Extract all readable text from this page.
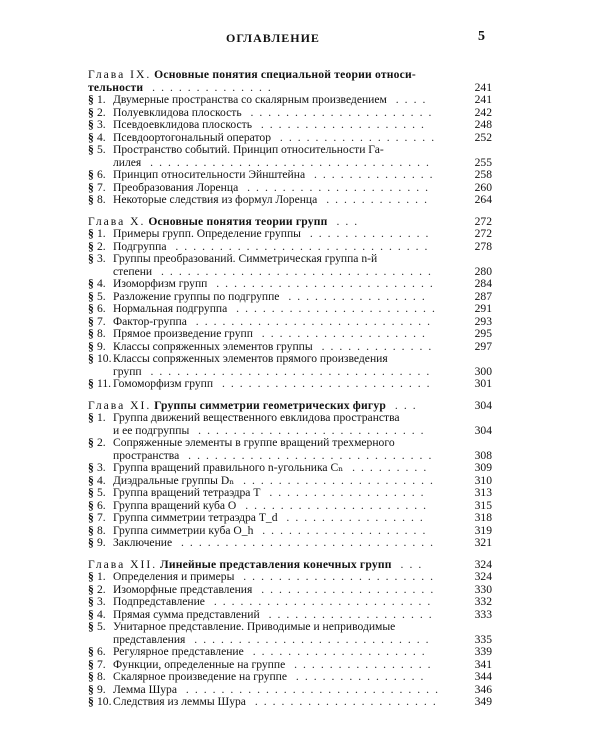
ОГЛАВЛЕНИЕ	5
Глава IX. Основные понятия специальной теории относи-
тельности ..............	241
§ 1. Двумерные пространства со скалярным произведением ....	241
§ 2. Полуевклидова плоскость .....................	242
§ 3. Псевдоевклидова плоскость ...................	248
§ 4. Псевдоортогональный оператор ..................	252
§ 5. Пространство событий. Принцип относительности Га-
лилея ................................	255
§ 6. Принцип относительности Эйнштейна ..............	258
§ 7. Преобразования Лоренца .....................	260
§ 8. Некоторые следствия из формул Лоренца ............	264
Глава X. Основные понятия теории групп ...	272
§ 1. Примеры групп. Определение группы ..............	272
§ 2. Подгруппа .............................	278
§ 3. Группы преобразований. Симметрическая группа n-й
степени ...............................	280
§ 4. Изоморфизм групп .........................	284
§ 5. Разложение группы по подгруппе ................	287
§ 6. Нормальная подгруппа .......................	291
§ 7. Фактор-группа ...........................	293
§ 8. Прямое произведение групп ...................	295
§ 9. Классы сопряженных элементов группы .............	297
§ 10. Классы сопряженных элементов прямого произведения
групп ................................	300
§ 11. Гомоморфизм групп ........................	301
Глава XI. Группы симметрии геометрических фигур ...	304
§ 1. Группа движений вещественного евклидова пространства
и ее подгруппы ..........................	304
§ 2. Сопряженные элементы в группе вращений трехмерного
пространства ............................	308
§ 3. Группа вращений правильного n-угольника Cₙ .........	309
§ 4. Диэдральные группы Dₙ ......................	310
§ 5. Группа вращений тетраэдра T ..................	313
§ 6. Группа вращений куба O .....................	315
§ 7. Группа симметрии тетраэдра T_d ................	318
§ 8. Группа симметрии куба O_h ...................	319
§ 9. Заключение .............................	321
Глава XII. Линейные представления конечных групп ...	324
§ 1. Определения и примеры ......................	324
§ 2. Изоморфные представления ....................	330
§ 3. Подпредставление .........................	332
§ 4. Прямая сумма представлений ...................	333
§ 5. Унитарное представление. Приводимые и неприводимые
представления ...........................	335
§ 6. Регулярное представление ....................	339
§ 7. Функции, определенные на группе ................	341
§ 8. Скалярное произведение на группе ...............	344
§ 9. Лемма Шура .............................	346
§ 10. Следствия из леммы Шура .....................	349
